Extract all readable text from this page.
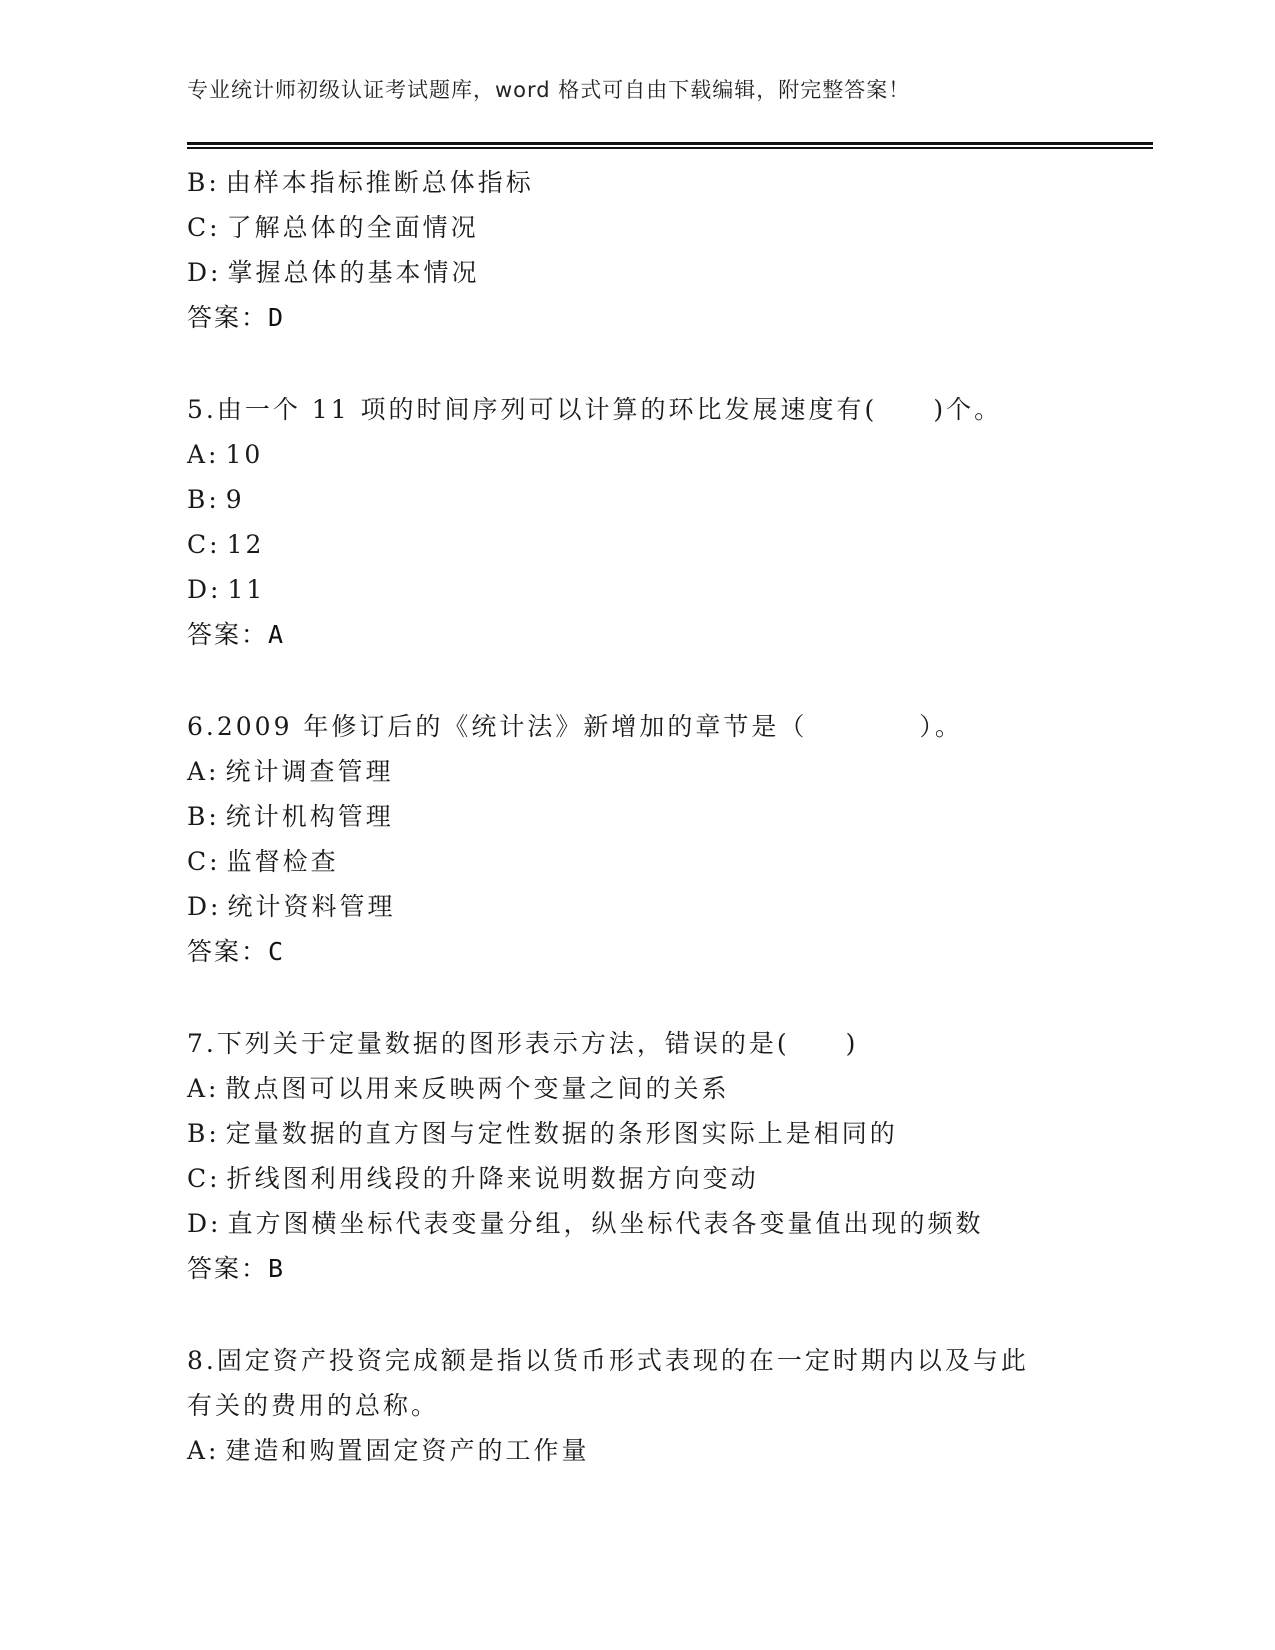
专业统计师初级认证考试题库，word 格式可自由下载编辑，附完整答案！
B: 由样本指标推断总体指标
C: 了解总体的全面情况
D: 掌握总体的基本情况
答案：D
5.由一个 11 项的时间序列可以计算的环比发展速度有(　　)个。
A: 10
B: 9
C: 12
D: 11
答案：A
6.2009 年修订后的《统计法》新增加的章节是（　　　　）。
A: 统计调查管理
B: 统计机构管理
C: 监督检查
D: 统计资料管理
答案：C
7.下列关于定量数据的图形表示方法，错误的是(　　)
A: 散点图可以用来反映两个变量之间的关系
B: 定量数据的直方图与定性数据的条形图实际上是相同的
C: 折线图利用线段的升降来说明数据方向变动
D: 直方图横坐标代表变量分组，纵坐标代表各变量值出现的频数
答案：B
8.固定资产投资完成额是指以货币形式表现的在一定时期内以及与此
有关的费用的总称。
A: 建造和购置固定资产的工作量
